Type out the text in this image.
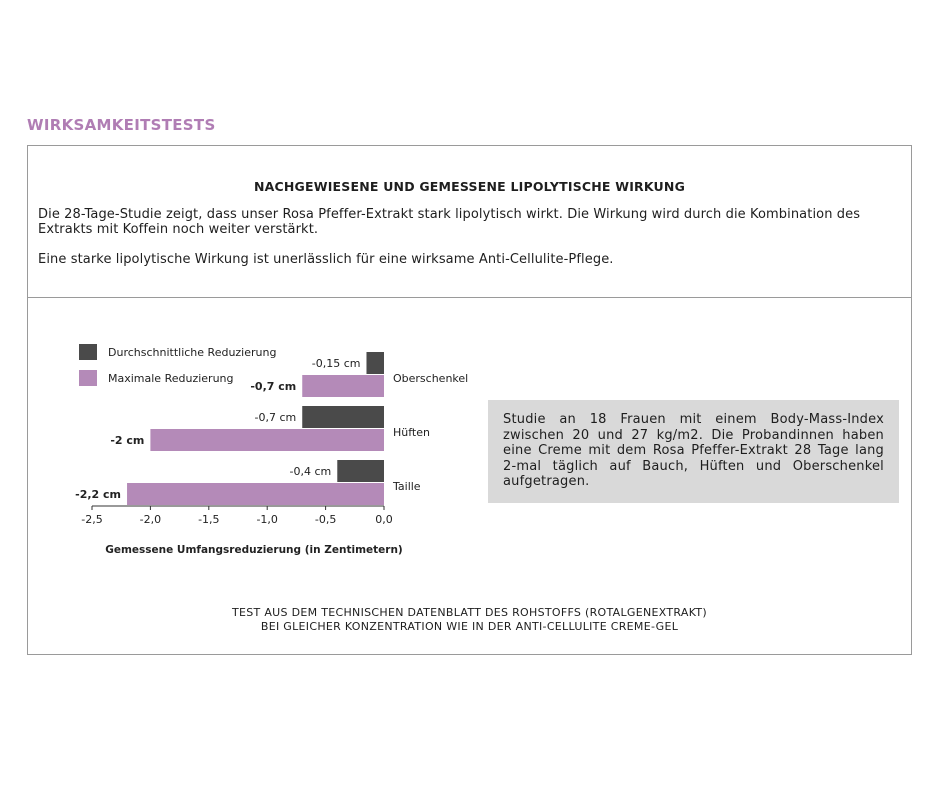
WIRKSAMKEITSTESTS
NACHGEWIESENE UND GEMESSENE LIPOLYTISCHE WIRKUNG
Die 28-Tage-Studie zeigt, dass unser Rosa Pfeffer-Extrakt stark lipolytisch wirkt. Die Wirkung wird durch die Kombination des Extrakts mit Koffein noch weiter verstärkt.
Eine starke lipolytische Wirkung ist unerlässlich für eine wirksame Anti-Cellulite-Pflege.
Durchschnittliche Reduzierung
Maximale Reduzierung
-0,15 cm
-0,7 cm
Oberschenkel
-0,7 cm
-2 cm
Hüften
-0,4 cm
-2,2 cm
Taille
-2,5	-2,0	-1,5	-1,0	-0,5	0,0
Gemessene Umfangsreduzierung (in Zentimetern)
Studie an 18 Frauen mit einem Body-Mass-Index zwischen 20 und 27 kg/m2. Die Probandinnen haben eine Creme mit dem Rosa Pfeffer-Extrakt 28 Tage lang 2-mal täglich auf Bauch, Hüften und Oberschenkel aufgetragen.
TEST AUS DEM TECHNISCHEN DATENBLATT DES ROHSTOFFS (ROTALGENEXTRAKT)
BEI GLEICHER KONZENTRATION WIE IN DER ANTI-CELLULITE CREME-GEL
